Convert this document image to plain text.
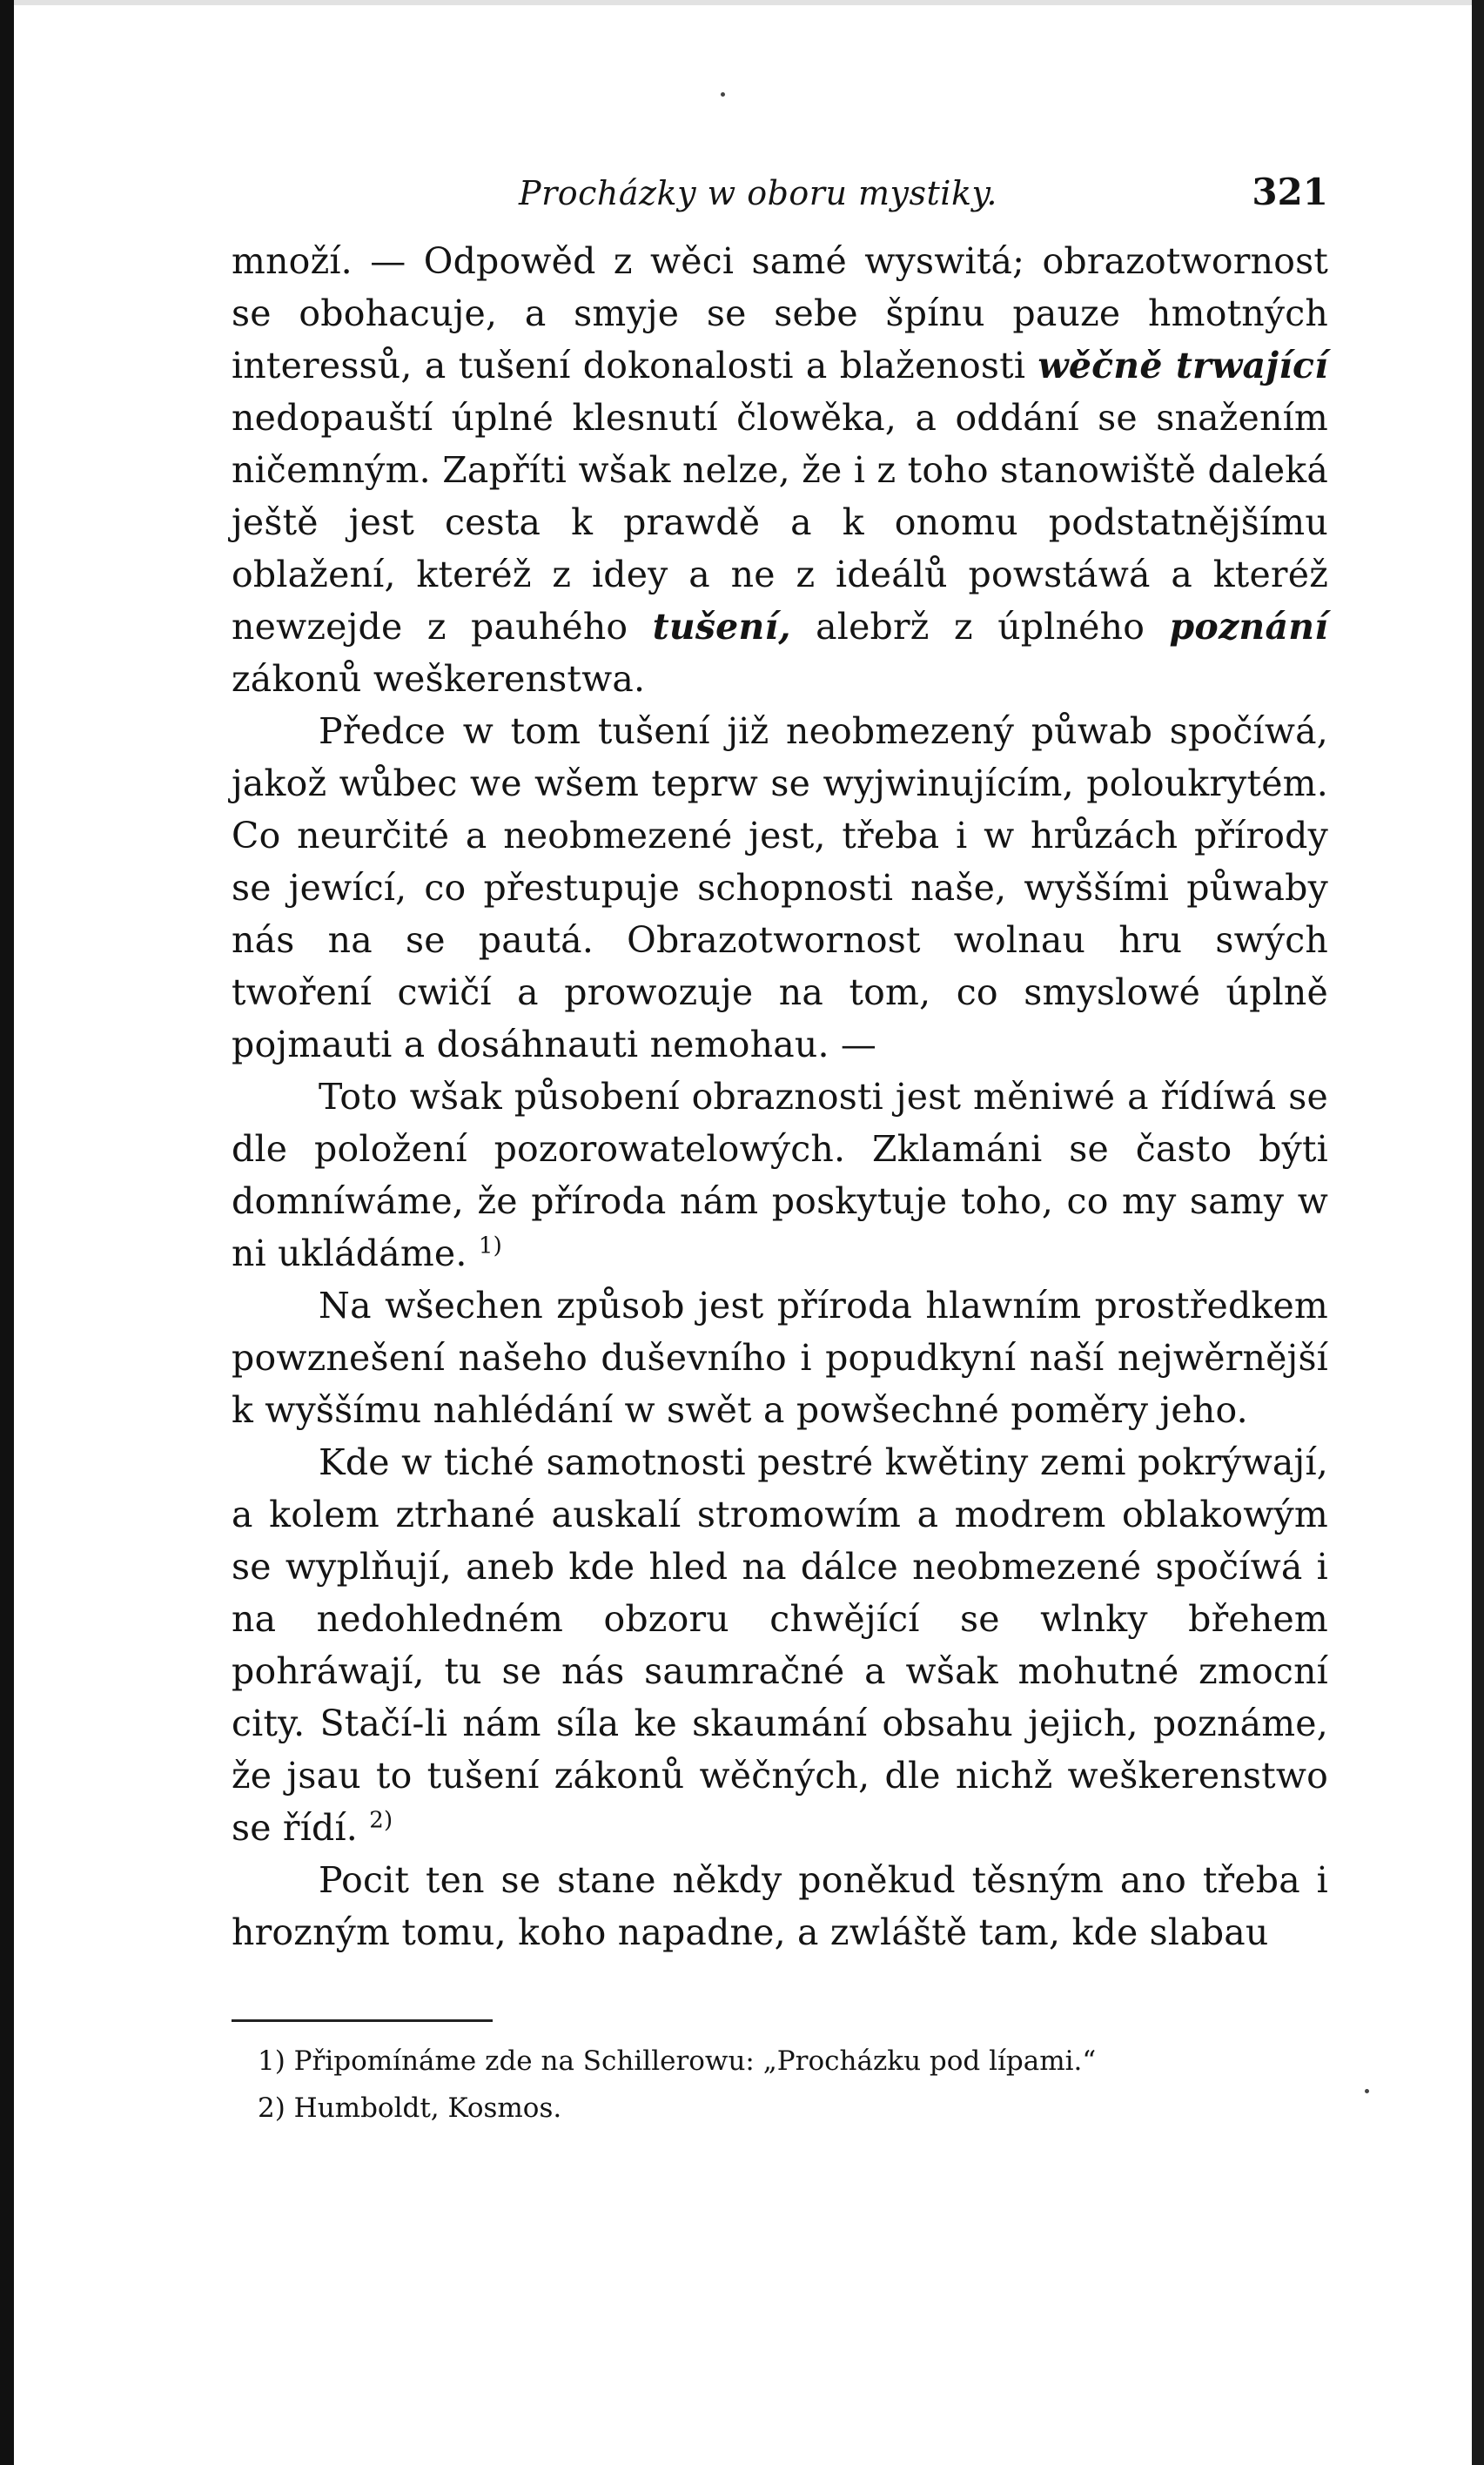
Procházky w oboru mystiky.	321

množí. — Odpowěd z wěci samé wyswitá; obrazotwornost se obohacuje, a smyje se sebe špínu pauze hmotných interessů, a tušení dokonalosti a blaženosti wěčně trwající nedopauští úplné klesnutí člowěka, a oddání se snažením ničemným. Zapříti wšak nelze, že i z toho stanowiště daleká ještě jest cesta k prawdě a k onomu podstatnějšímu oblažení, kteréž z idey a ne z ideálů powstáwá a kteréž newzejde z pauhého tušení, alebrž z úplného poznání zákonů weškerenstwa.

Předce w tom tušení již neobmezený půwab spočíwá, jakož wůbec we wšem teprw se wyjwinujícím, poloukrytém. Co neurčité a neobmezené jest, třeba i w hrůzách přírody se jewící, co přestupuje schopnosti naše, wyššími půwaby nás na se pautá. Obrazotwornost wolnau hru swých twoření cwičí a prowozuje na tom, co smyslowé úplně pojmauti a dosáhnauti nemohau. —

Toto wšak působení obraznosti jest měniwé a řídíwá se dle položení pozorowatelowých. Zklamáni se často býti domníwáme, že příroda nám poskytuje toho, co my samy w ni ukládáme. $^{1)}$

Na wšechen způsob jest příroda hlawním prostředkem powznešení našeho duševního i popudkyní naší nejwěrnější k wyššímu nahlédání w swět a powšechné poměry jeho.

Kde w tiché samotnosti pestré kwětiny zemi pokrýwají, a kolem ztrhané auskalí stromowím a modrem oblakowým se wyplňují, aneb kde hled na dálce neobmezené spočíwá i na nedohledném obzoru chwějící se wlnky břehem pohráwají, tu se nás saumračné a wšak mohutné zmocní city. Stačí-li nám síla ke skaumání obsahu jejich, poznáme, že jsau to tušení zákonů wěčných, dle nichž weškerenstwo se řídí. $^{2)}$

Pocit ten se stane někdy poněkud těsným ano třeba i hrozným tomu, koho napadne, a zwláště tam, kde slabau

1) Připomínáme zde na Schillerowu: „Procházku pod lípami.“

2) Humboldt, Kosmos.
